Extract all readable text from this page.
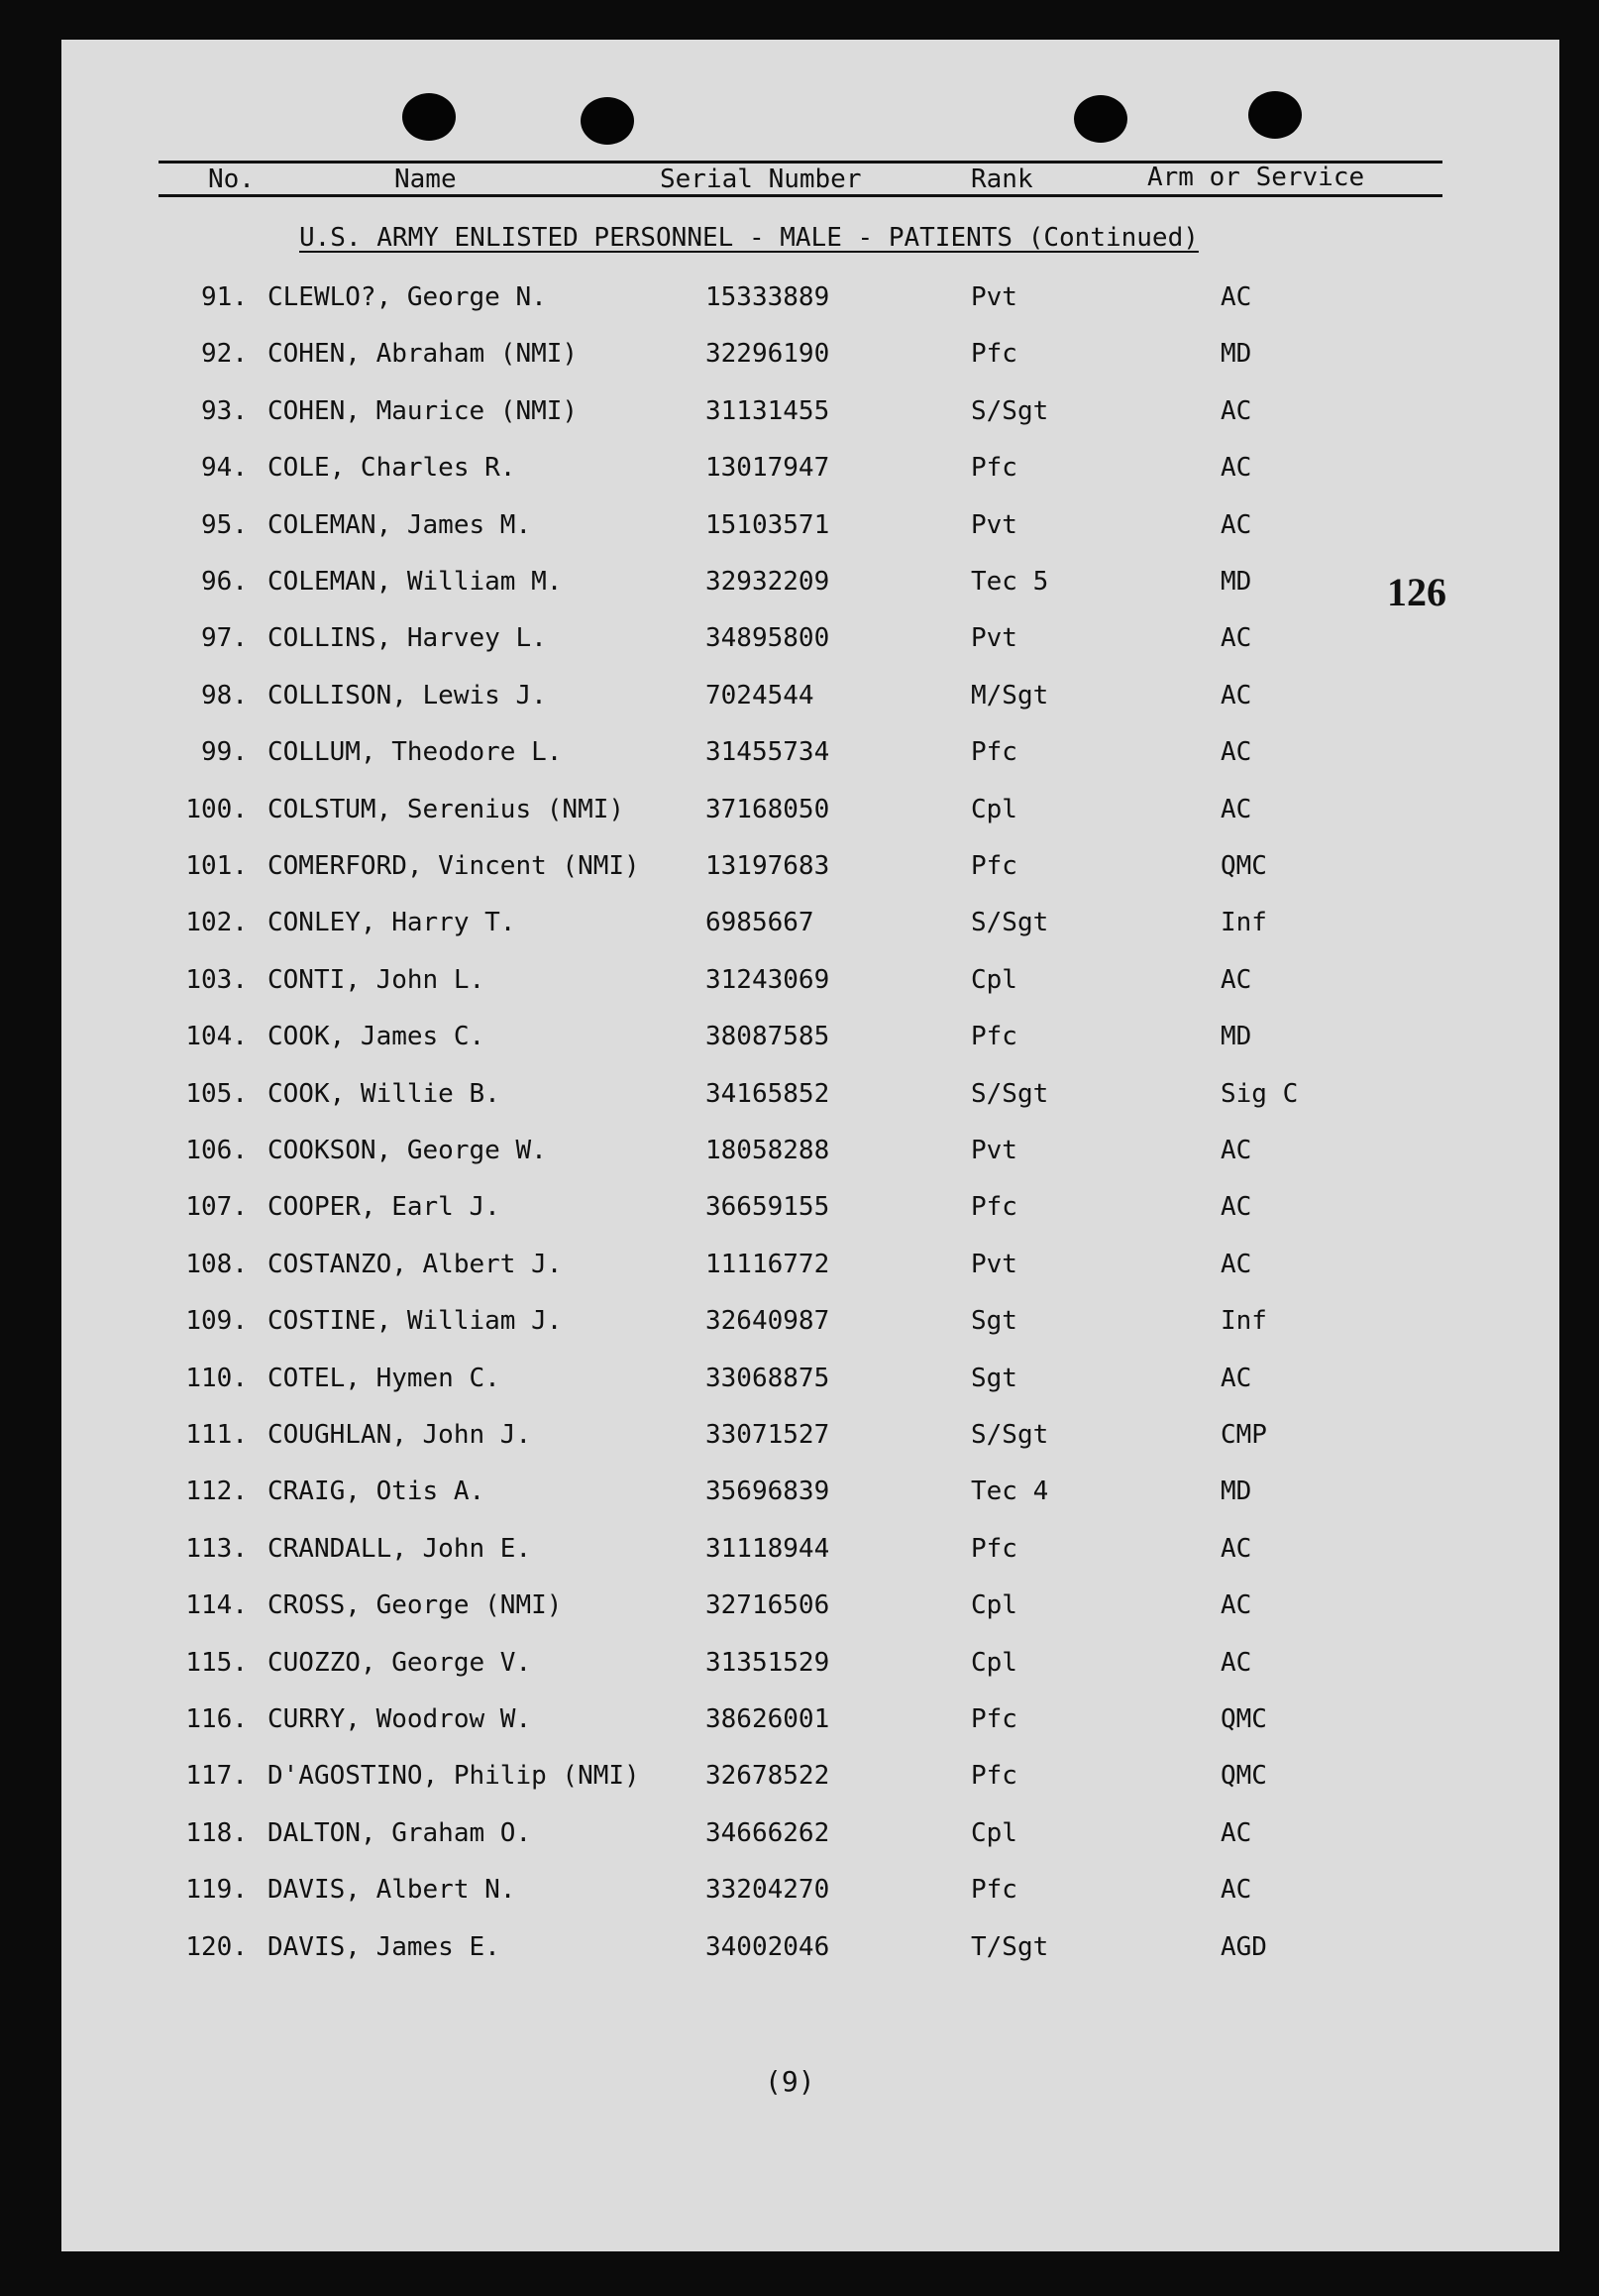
No.	Name	Serial Number	Rank	Arm or Service
U.S. ARMY ENLISTED PERSONNEL - MALE - PATIENTS (Continued)
91. CLEWLO?, George N.	15333889	Pvt	AC
92. COHEN, Abraham (NMI)	32296190	Pfc	MD
93. COHEN, Maurice (NMI)	31131455	S/Sgt	AC
94. COLE, Charles R.	13017947	Pfc	AC
95. COLEMAN, James M.	15103571	Pvt	AC
96. COLEMAN, William M.	32932209	Tec 5	MD
97. COLLINS, Harvey L.	34895800	Pvt	AC
98. COLLISON, Lewis J.	7024544	M/Sgt	AC
99. COLLUM, Theodore L.	31455734	Pfc	AC
100. COLSTUM, Serenius (NMI)	37168050	Cpl	AC
101. COMERFORD, Vincent (NMI)	13197683	Pfc	QMC
102. CONLEY, Harry T.	6985667	S/Sgt	Inf
103. CONTI, John L.	31243069	Cpl	AC
104. COOK, James C.	38087585	Pfc	MD
105. COOK, Willie B.	34165852	S/Sgt	Sig C
106. COOKSON, George W.	18058288	Pvt	AC
107. COOPER, Earl J.	36659155	Pfc	AC
108. COSTANZO, Albert J.	11116772	Pvt	AC
109. COSTINE, William J.	32640987	Sgt	Inf
110. COTEL, Hymen C.	33068875	Sgt	AC
111. COUGHLAN, John J.	33071527	S/Sgt	CMP
112. CRAIG, Otis A.	35696839	Tec 4	MD
113. CRANDALL, John E.	31118944	Pfc	AC
114. CROSS, George (NMI)	32716506	Cpl	AC
115. CUOZZO, George V.	31351529	Cpl	AC
116. CURRY, Woodrow W.	38626001	Pfc	QMC
117. D'AGOSTINO, Philip (NMI)	32678522	Pfc	QMC
118. DALTON, Graham O.	34666262	Cpl	AC
119. DAVIS, Albert N.	33204270	Pfc	AC
120. DAVIS, James E.	34002046	T/Sgt	AGD
126
(9)
